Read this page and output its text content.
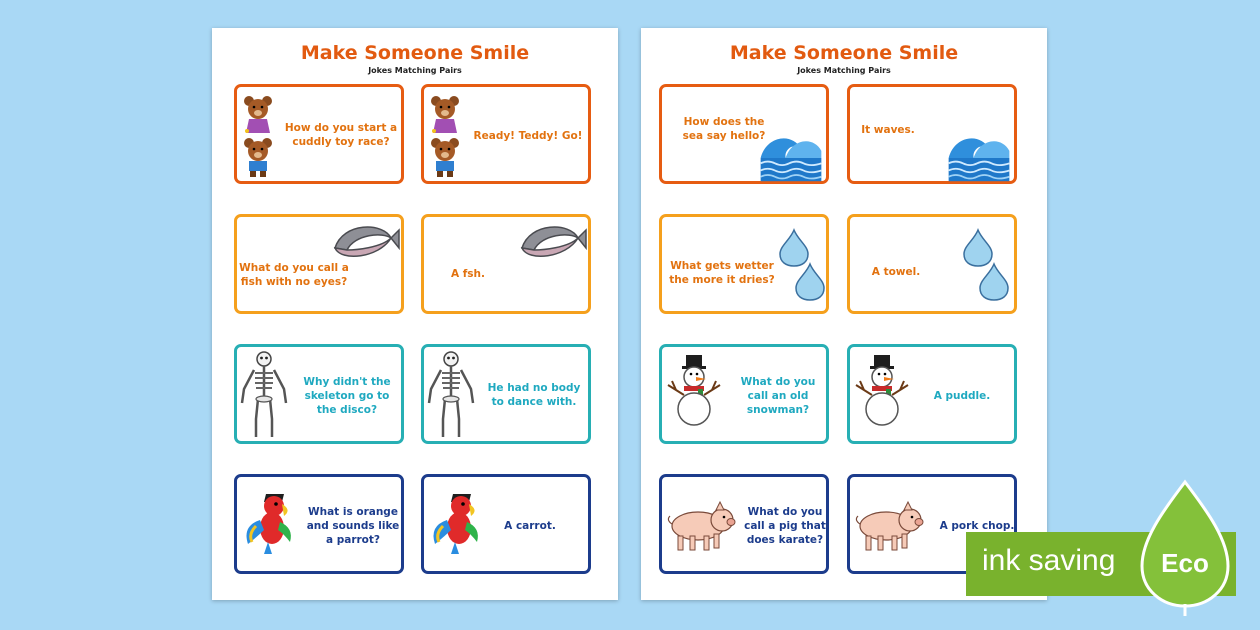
Make Someone Smile
Jokes Matching Pairs
How do you start a cuddly toy race?	Ready! Teddy! Go!
What do you call a fish with no eyes?
A fsh.
Why didn't the skeleton go to the disco?
He had no body to dance with.
What is orange and sounds like a parrot?
A carrot.
Make Someone Smile
Jokes Matching Pairs
How does the sea say hello?	It waves.
What gets wetter the more it dries?
A towel.
What do you call an old snowman?
A puddle.
What do you call a pig that does karate?
A pork chop.
ink saving Eco
